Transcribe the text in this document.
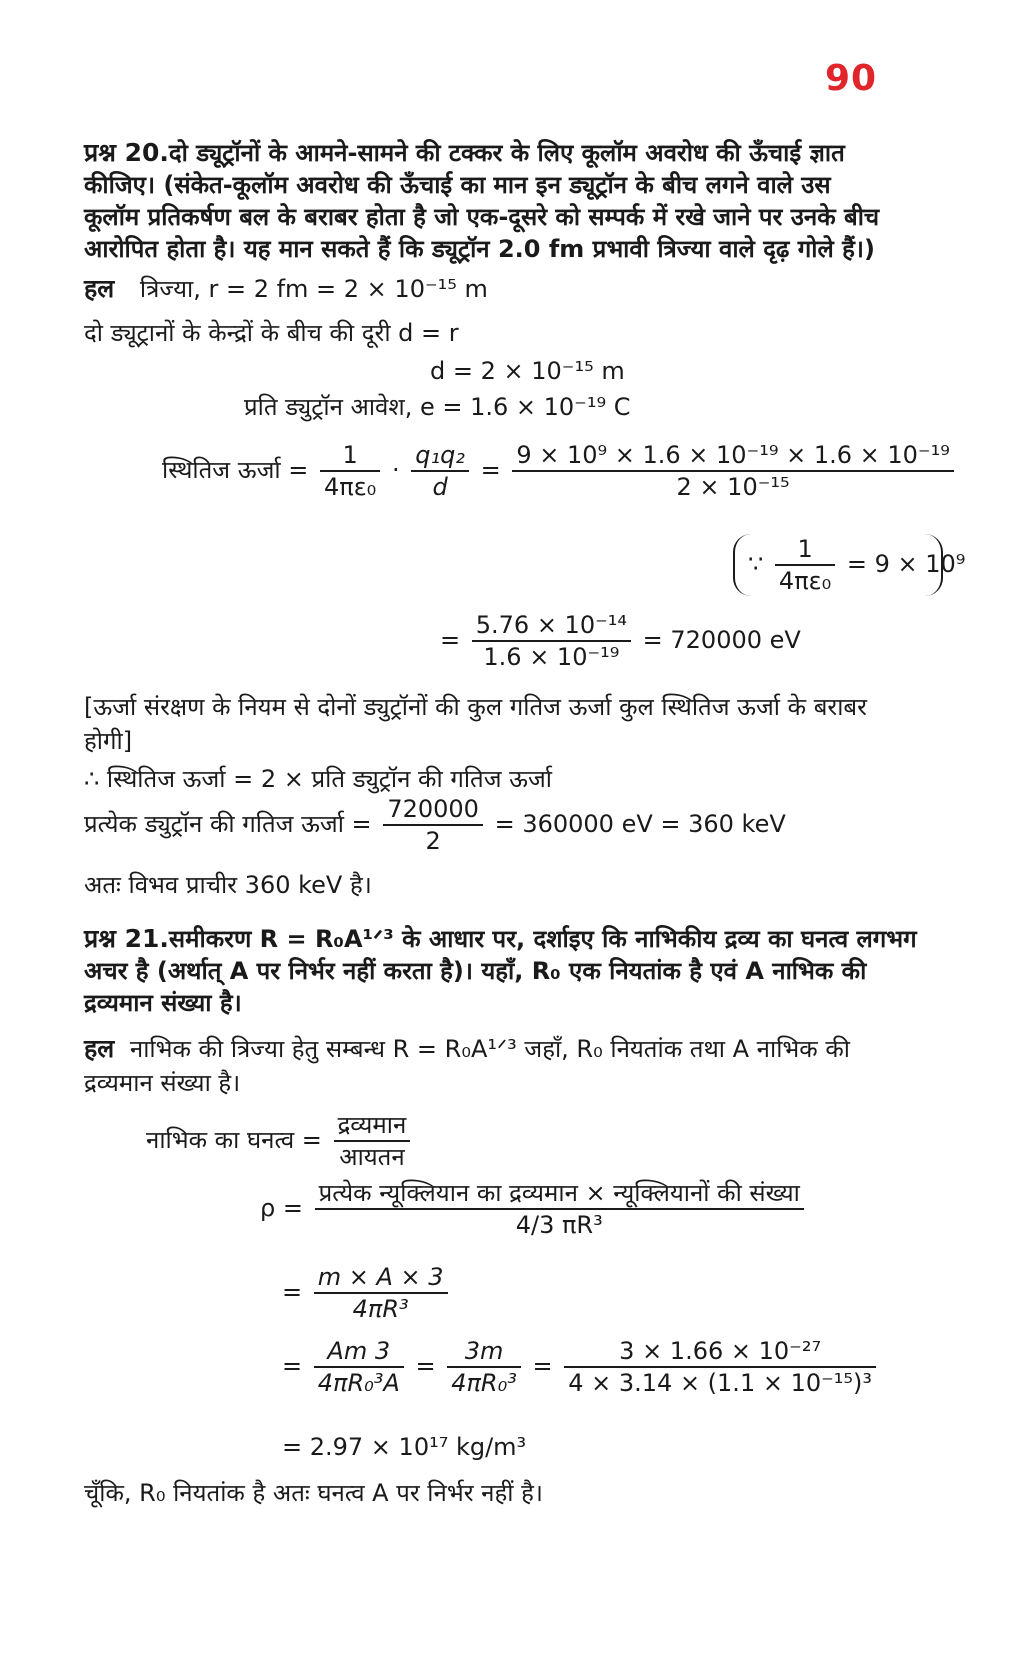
90
प्रश्न 20.दो ड्यूट्रॉनों के आमने-सामने की टक्कर के लिए कूलॉम अवरोध की ऊँचाई ज्ञात
कीजिए। (संकेत-कूलॉम अवरोध की ऊँचाई का मान इन ड्यूट्रॉन के बीच लगने वाले उस
कूलॉम प्रतिकर्षण बल के बराबर होता है जो एक-दूसरे को सम्पर्क में रखे जाने पर उनके बीच
आरोपित होता है। यह मान सकते हैं कि ड्यूट्रॉन 2.0 fm प्रभावी त्रिज्या वाले दृढ़ गोले हैं।)
हल त्रिज्या, r = 2 fm = 2 × 10⁻¹⁵ m
दो ड्यूट्रानों के केन्द्रों के बीच की दूरी d = r
d = 2 × 10⁻¹⁵ m
प्रति ड्युट्रॉन आवेश, e = 1.6 × 10⁻¹⁹ C
स्थितिज ऊर्जा = $\frac{1}{\text{4πε₀}} \cdot \frac{\text{q₁q₂}}{d} = \frac{\text{9 × 10⁹ × 1.6 × 10⁻¹⁹ × 1.6 × 10⁻¹⁹}}{\text{2 × 10⁻¹⁵}}$
∵ $\frac{1}{\text{4πε₀}} = 9 \times 10^9$
= $\frac{\text{5.76 × 10⁻¹⁴}}{\text{1.6 × 10⁻¹⁹}} = 720000$ eV
[ऊर्जा संरक्षण के नियम से दोनों ड्युट्रॉनों की कुल गतिज ऊर्जा कुल स्थितिज ऊर्जा के बराबर
होगी]
∴ स्थितिज ऊर्जा = 2 × प्रति ड्युट्रॉन की गतिज ऊर्जा
प्रत्येक ड्युट्रॉन की गतिज ऊर्जा = $\frac{720000}{2} = 360000$ eV = 360 keV
अतः विभव प्राचीर 360 keV है।
प्रश्न 21.समीकरण R = R₀A¹ᐟ³ के आधार पर, दर्शाइए कि नाभिकीय द्रव्य का घनत्व लगभग
अचर है (अर्थात् A पर निर्भर नहीं करता है)। यहाँ, R₀ एक नियतांक है एवं A नाभिक की
द्रव्यमान संख्या है।
हल नाभिक की त्रिज्या हेतु सम्बन्ध R = R₀A¹ᐟ³ जहाँ, R₀ नियतांक तथा A नाभिक की
द्रव्यमान संख्या है।
नाभिक का घनत्व = $\frac{\text{द्रव्यमान}}{\text{आयतन}}$
$\rho = \frac{\text{प्रत्येक न्यूक्लियान का द्रव्यमान × न्यूक्लियानों की संख्या}}{\text{4/3 πR³}}$
= $\frac{m \times A \times 3}{\text{4πR³}}$
= $\frac{Am 3}{\text{4πR₀³A}} = \frac{3m}{\text{4πR₀³}} = \frac{\text{3 × 1.66 × 10⁻²⁷}}{\text{4 × 3.14 × (1.1 × 10⁻¹⁵)³}}$
= 2.97 × 10¹⁷ kg/m³
चूँकि, R₀ नियतांक है अतः घनत्व A पर निर्भर नहीं है।
